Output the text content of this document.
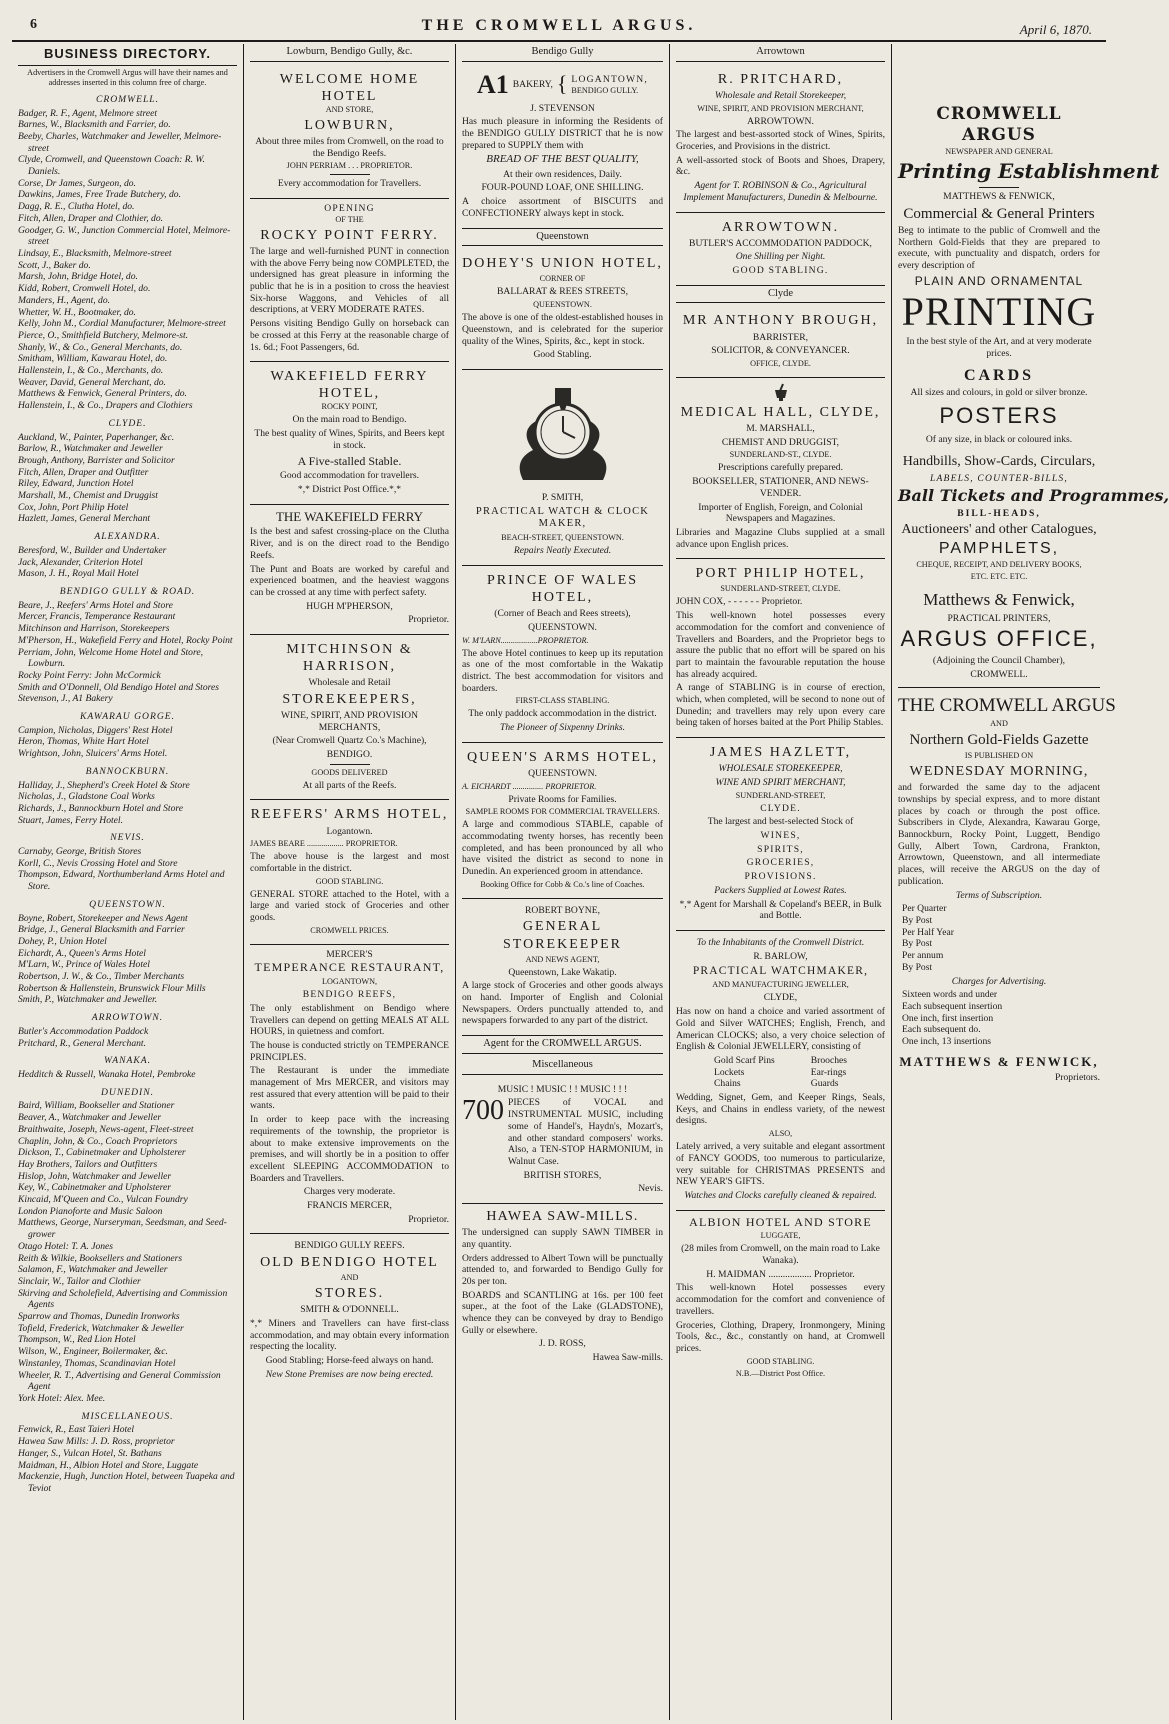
6	THE CROMWELL ARGUS.	April 6, 1870.
BUSINESS DIRECTORY.

Advertisers in the Cromwell Argus will have their names and addresses inserted in this column free of charge.

CROMWELL.
Badger, R. F., Agent, Melmore street
Barnes, W., Blacksmith and Farrier, do.
Beeby, Charles, Watchmaker and Jeweller, Melmore-street
Clyde, Cromwell, and Queenstown Coach: R. W. Daniels.
Corse, Dr James, Surgeon, do.
Dawkins, James, Free Trade Butchery, do.
Dagg, R. E., Clutha Hotel, do.
Fitch, Allen, Draper and Clothier, do.
Goodger, G. W., Junction Commercial Hotel, Melmore-street
Lindsay, E., Blacksmith, Melmore-street
Scott, J., Baker do.
Marsh, John, Bridge Hotel, do.
Kidd, Robert, Cromwell Hotel, do.
Manders, H., Agent, do.
Whetter, W. H., Bootmaker, do.
Kelly, John M., Cordial Manufacturer, Melmore-street
Pierce, O., Smithfield Butchery, Melmore-st.
Shanly, W., & Co., General Merchants, do.
Smitham, William, Kawarau Hotel, do.
Hallenstein, I., & Co., Merchants, do.
Weaver, David, General Merchant, do.
Matthews & Fenwick, General Printers, do.
Hallenstein, I., & Co., Drapers and Clothiers
CLYDE.
Auckland, W., Painter, Paperhanger, &c.
Barlow, R., Watchmaker and Jeweller
Brough, Anthony, Barrister and Solicitor
Fitch, Allen, Draper and Outfitter
Riley, Edward, Junction Hotel
Marshall, M., Chemist and Druggist
Cox, John, Port Philip Hotel
Hazlett, James, General Merchant
ALEXANDRA.
Beresford, W., Builder and Undertaker
Jack, Alexander, Criterion Hotel
Mason, J. H., Royal Mail Hotel
BENDIGO GULLY & ROAD.
Beare, J., Reefers' Arms Hotel and Store
Mercer, Francis, Temperance Restaurant
Mitchinson and Harrison, Storekeepers
M'Pherson, H., Wakefield Ferry and Hotel, Rocky Point
Perriam, John, Welcome Home Hotel and Store, Lowburn.
Rocky Point Ferry: John McCormick
Smith and O'Donnell, Old Bendigo Hotel and Stores
Stevenson, J., A1 Bakery
KAWARAU GORGE.
Campion, Nicholas, Diggers' Rest Hotel
Heron, Thomas, White Hart Hotel
Wrightson, John, Sluicers' Arms Hotel.
BANNOCKBURN.
Halliday, J., Shepherd's Creek Hotel & Store
Nicholas, J., Gladstone Coal Works
Richards, J., Bannockburn Hotel and Store
Stuart, James, Ferry Hotel.
NEVIS.
Carnaby, George, British Stores
Korll, C., Nevis Crossing Hotel and Store
Thompson, Edward, Northumberland Arms Hotel and Store.
QUEENSTOWN.
Boyne, Robert, Storekeeper and News Agent
Bridge, J., General Blacksmith and Farrier
Dohey, P., Union Hotel
Eichardt, A., Queen's Arms Hotel
M'Larn, W., Prince of Wales Hotel
Robertson, J. W., & Co., Timber Merchants
Robertson & Hallenstein, Brunswick Flour Mills
Smith, P., Watchmaker and Jeweller.
ARROWTOWN.
Butler's Accommodation Paddock
Pritchard, R., General Merchant.
WANAKA.
Hedditch & Russell, Wanaka Hotel, Pembroke
DUNEDIN.
Baird, William, Bookseller and Stationer
Beaver, A., Watchmaker and Jeweller
Braithwaite, Joseph, News-agent, Fleet-street
Chaplin, John, & Co., Coach Proprietors
Dickson, T., Cabinetmaker and Upholsterer
Hay Brothers, Tailors and Outfitters
Hislop, John, Watchmaker and Jeweller
Key, W., Cabinetmaker and Upholsterer
Kincaid, M'Queen and Co., Vulcan Foundry
London Pianoforte and Music Saloon
Matthews, George, Nurseryman, Seedsman, and Seed-grower
Otago Hotel: T. A. Jones
Reith & Wilkie, Booksellers and Stationers
Salamon, F., Watchmaker and Jeweller
Sinclair, W., Tailor and Clothier
Skirving and Scholefield, Advertising and Commission Agents
Sparrow and Thomas, Dunedin Ironworks
Tofield, Frederick, Watchmaker & Jeweller
Thompson, W., Red Lion Hotel
Wilson, W., Engineer, Boilermaker, &c.
Winstanley, Thomas, Scandinavian Hotel
Wheeler, R. T., Advertising and General Commission Agent
York Hotel: Alex. Mee.
MISCELLANEOUS.
Fenwick, R., East Taieri Hotel
Hawea Saw Mills: J. D. Ross, proprietor
Hanger, S., Vulcan Hotel, St. Bathans
Maidman, H., Albion Hotel and Store, Luggate
Mackenzie, Hugh, Junction Hotel, between Tuapeka and Teviot
Lowburn, Bendigo Gully, &c.
WELCOME HOME HOTEL
AND STORE,
LOWBURN,

About three miles from Cromwell, on the road to the Bendigo Reefs.

JOHN PERRIAM . . . PROPRIETOR.

Every accommodation for Travellers.

OPENING
OF THE
ROCKY POINT FERRY.

The large and well-furnished PUNT in connection with the above Ferry being now COMPLETED, the undersigned has great pleasure in informing the public that he is in a position to cross the heaviest Six-horse Waggons, and Vehicles of all descriptions, at VERY MODERATE RATES.

Persons visiting Bendigo Gully on horseback can be crossed at this Ferry at the reasonable charge of 1s. 6d.; Foot Passengers, 6d.

WAKEFIELD FERRY HOTEL,
ROCKY POINT,

On the main road to Bendigo.

The best quality of Wines, Spirits, and Beers kept in stock.

A Five-stalled Stable.

Good accommodation for travellers.

*,* District Post Office.*,*

THE WAKEFIELD FERRY

Is the best and safest crossing-place on the Clutha River, and is on the direct road to the Bendigo Reefs.

The Punt and Boats are worked by careful and experienced boatmen, and the heaviest waggons can be crossed at any time with perfect safety.

HUGH M'PHERSON,

Proprietor.

MITCHINSON & HARRISON,

Wholesale and Retail

STOREKEEPERS,

WINE, SPIRIT, AND PROVISION MERCHANTS,

(Near Cromwell Quartz Co.'s Machine),

BENDIGO.

GOODS DELIVERED

At all parts of the Reefs.

REEFERS' ARMS HOTEL,

Logantown.

JAMES BEARE .................. PROPRIETOR.

The above house is the largest and most comfortable in the district.

GOOD STABLING.

GENERAL STORE attached to the Hotel, with a large and varied stock of Groceries and other goods.

CROMWELL PRICES.

MERCER'S
TEMPERANCE RESTAURANT,

LOGANTOWN,

BENDIGO REEFS,

The only establishment on Bendigo where Travellers can depend on getting MEALS AT ALL HOURS, in quietness and comfort.

The house is conducted strictly on TEMPERANCE PRINCIPLES.

The Restaurant is under the immediate management of Mrs MERCER, and visitors may rest assured that every attention will be paid to their wants.

In order to keep pace with the increasing requirements of the township, the proprietor is about to make extensive improvements on the premises, and will shortly be in a position to offer excellent SLEEPING ACCOMMODATION to Boarders and Travellers.

Charges very moderate.

FRANCIS MERCER,

Proprietor.

BENDIGO GULLY REEFS.

OLD BENDIGO HOTEL

AND

STORES.

SMITH & O'DONNELL.

*,* Miners and Travellers can have first-class accommodation, and may obtain every information respecting the locality.

Good Stabling; Horse-feed always on hand.

New Stone Premises are now being erected.

Bendigo Gully
A1 BAKERY, { LOGANTOWN,
BENDIGO GULLY.

J. STEVENSON

Has much pleasure in informing the Residents of the BENDIGO GULLY DISTRICT that he is now prepared to SUPPLY them with

BREAD OF THE BEST QUALITY,

At their own residences, Daily.

FOUR-POUND LOAF, ONE SHILLING.

A choice assortment of BISCUITS and CONFECTIONERY always kept in stock.

Queenstown
DOHEY'S UNION HOTEL,

CORNER OF

BALLARAT & REES STREETS,

QUEENSTOWN.

The above is one of the oldest-established houses in Queenstown, and is celebrated for the superior quality of the Wines, Spirits, &c., kept in stock.

Good Stabling.

P. SMITH,

PRACTICAL WATCH & CLOCK MAKER,

BEACH-STREET, QUEENSTOWN.

Repairs Neatly Executed.

PRINCE OF WALES HOTEL,

(Corner of Beach and Rees streets),

QUEENSTOWN.

W. M'LARN..................PROPRIETOR.

The above Hotel continues to keep up its reputation as one of the most comfortable in the Wakatip district. The best accommodation for visitors and boarders.

FIRST-CLASS STABLING.

The only paddock accommodation in the district.

The Pioneer of Sixpenny Drinks.

QUEEN'S ARMS HOTEL,

QUEENSTOWN.

A. EICHARDT ............... PROPRIETOR.

Private Rooms for Families.

SAMPLE ROOMS FOR COMMERCIAL TRAVELLERS.

A large and commodious STABLE, capable of accommodating twenty horses, has recently been completed, and has been pronounced by all who have visited the district as second to none in Dunedin. An experienced groom in attendance.

Booking Office for Cobb & Co.'s line of Coaches.

ROBERT BOYNE,

GENERAL STOREKEEPER

AND NEWS AGENT,

Queenstown, Lake Wakatip.

A large stock of Groceries and other goods always on hand. Importer of English and Colonial Newspapers. Orders punctually attended to, and newspapers forwarded to any part of the district.

Agent for the CROMWELL ARGUS.
Miscellaneous

MUSIC ! MUSIC ! ! MUSIC ! ! !

700 PIECES of VOCAL and INSTRUMENTAL MUSIC, including some of Handel's, Haydn's, Mozart's, and other standard composers' works. Also, a TEN-STOP HARMONIUM, in Walnut Case.

BRITISH STORES,

Nevis.

HAWEA SAW-MILLS.

The undersigned can supply SAWN TIMBER in any quantity.

Orders addressed to Albert Town will be punctually attended to, and forwarded to Bendigo Gully for 20s per ton.

BOARDS and SCANTLING at 16s. per 100 feet super., at the foot of the Lake (GLADSTONE), whence they can be conveyed by dray to Bendigo Gully or elsewhere.

J. D. ROSS,

Hawea Saw-mills.

Arrowtown
R. PRITCHARD,

Wholesale and Retail Storekeeper,

WINE, SPIRIT, AND PROVISION MERCHANT,

ARROWTOWN.

The largest and best-assorted stock of Wines, Spirits, Groceries, and Provisions in the district.

A well-assorted stock of Boots and Shoes, Drapery, &c.

Agent for T. ROBINSON & Co., Agricultural Implement Manufacturers, Dunedin & Melbourne.

ARROWTOWN.

BUTLER'S ACCOMMODATION PADDOCK,

One Shilling per Night.

GOOD STABLING.

Clyde
MR ANTHONY BROUGH,

BARRISTER,

SOLICITOR, & CONVEYANCER.

OFFICE, CLYDE.

MEDICAL HALL, CLYDE,

M. MARSHALL,

CHEMIST AND DRUGGIST,

SUNDERLAND-ST., CLYDE.

Prescriptions carefully prepared.

BOOKSELLER, STATIONER, AND NEWS-VENDER.

Importer of English, Foreign, and Colonial Newspapers and Magazines.

Libraries and Magazine Clubs supplied at a small advance upon English prices.

PORT PHILIP HOTEL,

SUNDERLAND-STREET, CLYDE.

JOHN COX, - - - - - - Proprietor.

This well-known hotel possesses every accommodation for the comfort and convenience of Travellers and Boarders, and the Proprietor begs to assure the public that no effort will be spared on his part to maintain the favourable reputation the house has already acquired.

A range of STABLING is in course of erection, which, when completed, will be second to none out of Dunedin; and travellers may rely upon every care being taken of horses baited at the Port Philip Stables.

JAMES HAZLETT,

WHOLESALE STOREKEEPER,

WINE AND SPIRIT MERCHANT,

SUNDERLAND-STREET,

CLYDE.

The largest and best-selected Stock of

WINES,

SPIRITS,

GROCERIES,

PROVISIONS.

Packers Supplied at Lowest Rates.

*,* Agent for Marshall & Copeland's BEER, in Bulk and Bottle.

To the Inhabitants of the Cromwell District.

R. BARLOW,

PRACTICAL WATCHMAKER,

AND MANUFACTURING JEWELLER,

CLYDE,

Has now on hand a choice and varied assortment of Gold and Silver WATCHES; English, French, and American CLOCKS; also, a very choice selection of English & Colonial JEWELLERY, consisting of

Gold Scarf Pins
Lockets
Chains
Brooches
Ear-rings
Guards

Wedding, Signet, Gem, and Keeper Rings, Seals, Keys, and Chains in endless variety, of the newest designs.

ALSO,

Lately arrived, a very suitable and elegant assortment of FANCY GOODS, too numerous to particularize, very suitable for CHRISTMAS PRESENTS and NEW YEAR'S GIFTS.

Watches and Clocks carefully cleaned & repaired.

ALBION HOTEL AND STORE

LUGGATE,

(28 miles from Cromwell, on the main road to Lake Wanaka).

H. MAIDMAN .................. Proprietor.

This well-known Hotel possesses every accommodation for the comfort and convenience of travellers.

Groceries, Clothing, Drapery, Ironmongery, Mining Tools, &c., &c., constantly on hand, at Cromwell prices.

GOOD STABLING.

N.B.—District Post Office.

CROMWELL ARGUS

NEWSPAPER AND GENERAL

Printing Establishment

MATTHEWS & FENWICK,

Commercial & General Printers

Beg to intimate to the public of Cromwell and the Northern Gold-Fields that they are prepared to execute, with punctuality and dispatch, orders for every description of

PLAIN AND ORNAMENTAL
PRINTING

In the best style of the Art, and at very moderate prices.

CARDS

All sizes and colours, in gold or silver bronze.

POSTERS

Of any size, in black or coloured inks.

Handbills, Show-Cards, Circulars,

LABELS, COUNTER-BILLS,

Ball Tickets and Programmes,

BILL-HEADS,

Auctioneers' and other Catalogues,
PAMPHLETS,

CHEQUE, RECEIPT, AND DELIVERY BOOKS,

ETC. ETC. ETC.

Matthews & Fenwick,

PRACTICAL PRINTERS,

ARGUS OFFICE,

(Adjoining the Council Chamber),

CROMWELL.

THE CROMWELL ARGUS

AND

Northern Gold-Fields Gazette

IS PUBLISHED ON

WEDNESDAY MORNING,

and forwarded the same day to the adjacent townships by special express, and to more distant places by coach or through the post office. Subscribers in Clyde, Alexandra, Kawarau Gorge, Bannockburn, Rocky Point, Luggett, Bendigo Gully, Albert Town, Cardrona, Frankton, Arrowtown, Queenstown, and all intermediate places, will receive the ARGUS on the day of publication.

Terms of Subscription.

Per Quarter
By Post
Per Half Year
By Post
Per annum
By Post

Charges for Advertising.

Sixteen words and under
Each subsequent insertion
One inch, first insertion
Each subsequent do.
One inch, 13 insertions
MATTHEWS & FENWICK,

Proprietors.
